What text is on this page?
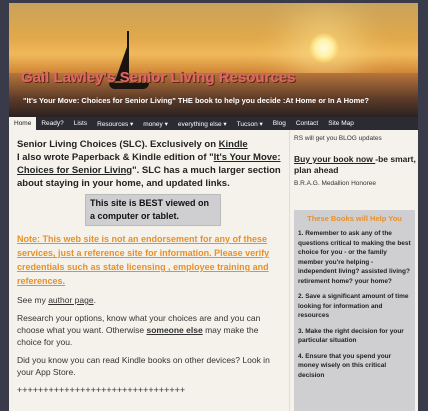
Gail Lawley's Senior Living Resources
"It's Your Move: Choices for Senior Living" THE book to help you decide :At Home or In A Home?
Home	Ready?	Lists	Resources ▾	money ▾	everything else ▾	Tucson ▾	Blog	Contact	Site Map
Senior Living Choices (SLC). Exclusively on Kindle
I also wrote Paperback & Kindle edition of "It's Your Move: Choices for Senior Living". SLC has a much larger section about staying in your home, and updated links.
This site is BEST viewed on a computer or tablet.
Note: This web site is not an endorsement for any of these services, just a reference site for information. Please verify credentials such as state licensing , employee training and references.
See my author page.
Research your options, know what your choices are and you can choose what you want. Otherwise someone else may make the choice for you.
Did you know you can read Kindle books on other devices? Look in your App Store.
++++++++++++++++++++++++++++++++
RS will get you BLOG updates
Buy your book now -be smart, plan ahead
B.R.A.G. Medallion Honoree
These Books will Help You
1. Remember to ask any of the questions critical to making the best choice for you - or the family member you're helping - independent living? assisted living? retirement home? your home?
2. Save a significant amount of time looking for information and resources
3. Make the right decision for your particular situation
4. Ensure that you spend your money wisely on this critical decision
